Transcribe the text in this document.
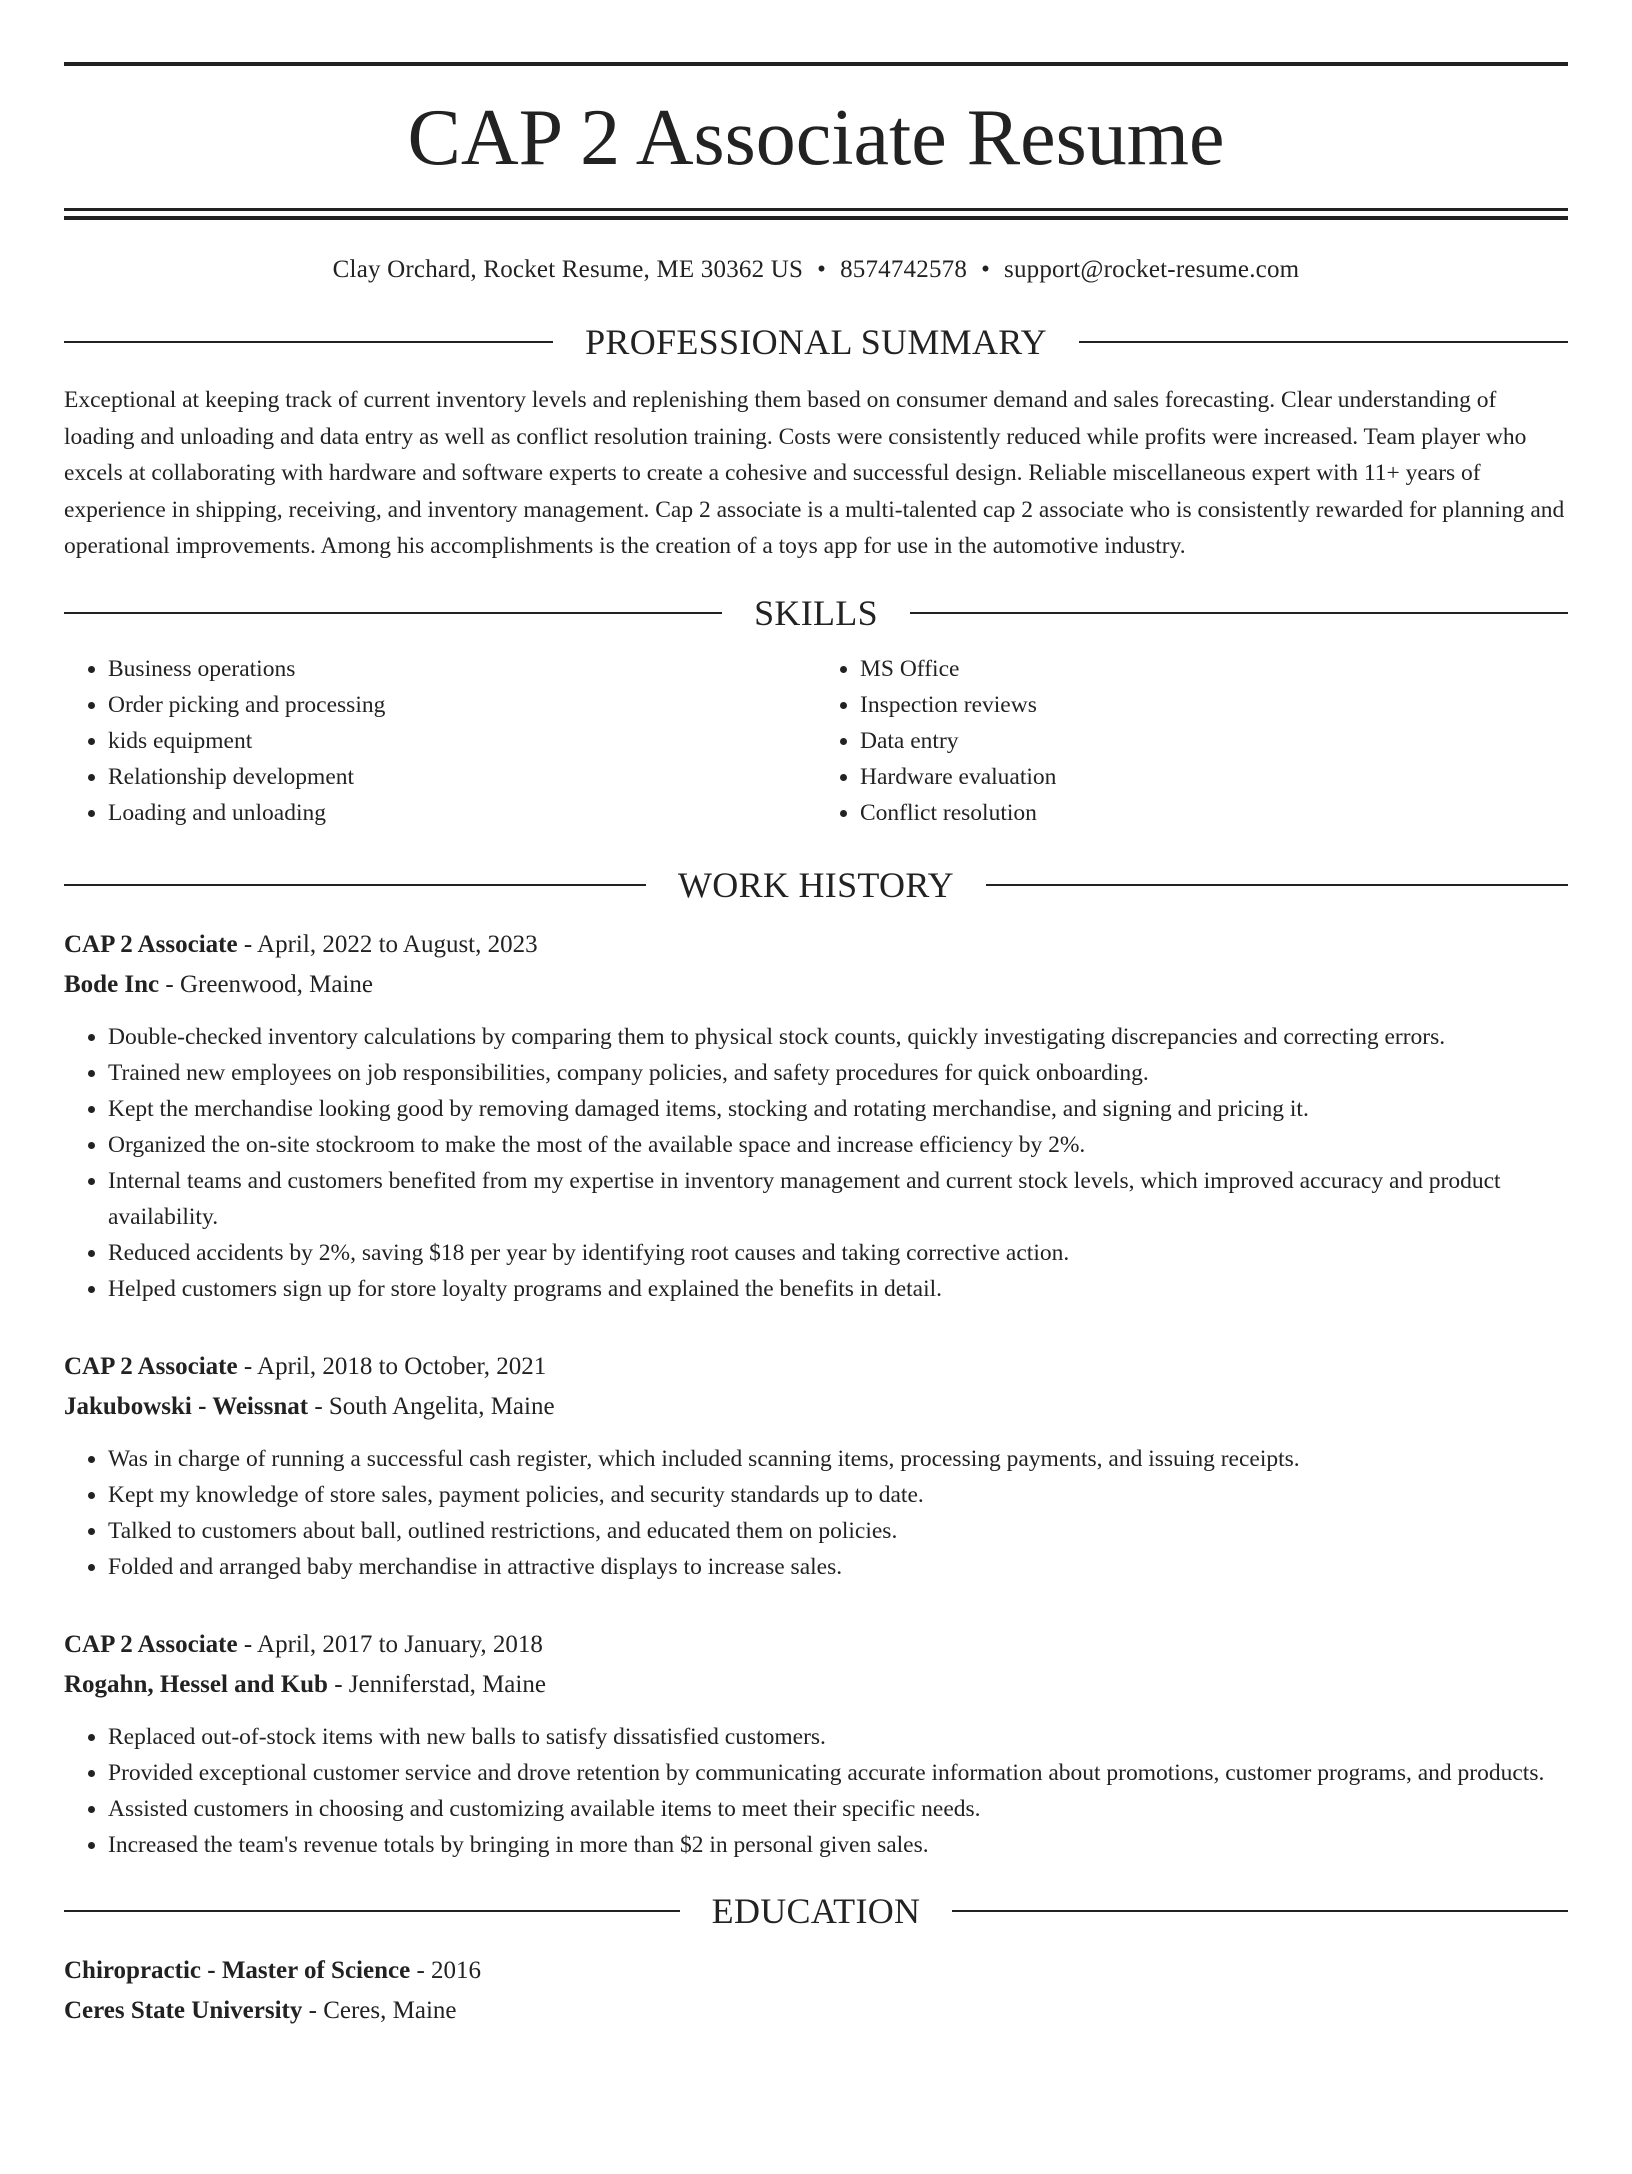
CAP 2 Associate Resume
Clay Orchard, Rocket Resume, ME 30362 US • 8574742578 • support@rocket-resume.com
PROFESSIONAL SUMMARY
Exceptional at keeping track of current inventory levels and replenishing them based on consumer demand and sales forecasting. Clear understanding of loading and unloading and data entry as well as conflict resolution training. Costs were consistently reduced while profits were increased. Team player who excels at collaborating with hardware and software experts to create a cohesive and successful design. Reliable miscellaneous expert with 11+ years of experience in shipping, receiving, and inventory management. Cap 2 associate is a multi-talented cap 2 associate who is consistently rewarded for planning and operational improvements. Among his accomplishments is the creation of a toys app for use in the automotive industry.
SKILLS
• Business operations
• Order picking and processing
• kids equipment
• Relationship development
• Loading and unloading
• MS Office
• Inspection reviews
• Data entry
• Hardware evaluation
• Conflict resolution
WORK HISTORY
CAP 2 Associate - April, 2022 to August, 2023
Bode Inc - Greenwood, Maine
• Double-checked inventory calculations by comparing them to physical stock counts, quickly investigating discrepancies and correcting errors.
• Trained new employees on job responsibilities, company policies, and safety procedures for quick onboarding.
• Kept the merchandise looking good by removing damaged items, stocking and rotating merchandise, and signing and pricing it.
• Organized the on-site stockroom to make the most of the available space and increase efficiency by 2%.
• Internal teams and customers benefited from my expertise in inventory management and current stock levels, which improved accuracy and product availability.
• Reduced accidents by 2%, saving $18 per year by identifying root causes and taking corrective action.
• Helped customers sign up for store loyalty programs and explained the benefits in detail.
CAP 2 Associate - April, 2018 to October, 2021
Jakubowski - Weissnat - South Angelita, Maine
• Was in charge of running a successful cash register, which included scanning items, processing payments, and issuing receipts.
• Kept my knowledge of store sales, payment policies, and security standards up to date.
• Talked to customers about ball, outlined restrictions, and educated them on policies.
• Folded and arranged baby merchandise in attractive displays to increase sales.
CAP 2 Associate - April, 2017 to January, 2018
Rogahn, Hessel and Kub - Jenniferstad, Maine
• Replaced out-of-stock items with new balls to satisfy dissatisfied customers.
• Provided exceptional customer service and drove retention by communicating accurate information about promotions, customer programs, and products.
• Assisted customers in choosing and customizing available items to meet their specific needs.
• Increased the team's revenue totals by bringing in more than $2 in personal given sales.
EDUCATION
Chiropractic - Master of Science - 2016
Ceres State University - Ceres, Maine
